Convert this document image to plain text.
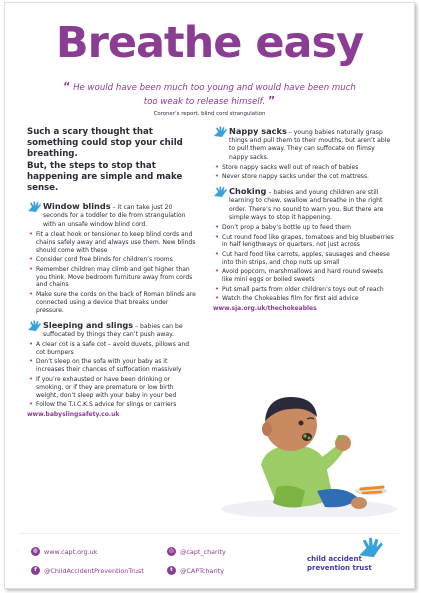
Breathe easy
“ He would have been much too young and would have been much too weak to release himself. ”
Coroner’s report, blind cord strangulation

Such a scary thought that something could stop your child breathing.
But, the steps to stop that happening are simple and make sense.

Window blinds – it can take just 20 seconds for a toddler to die from strangulation with an unsafe window blind cord.

• Fit a cleat hook or tensioner to keep blind cords and chains safely away and always use them. New blinds should come with these
• Consider cord free blinds for children’s rooms
• Remember children may climb and get higher than you think. Move bedroom furniture away from cords and chains
• Make sure the cords on the back of Roman blinds are connected using a device that breaks under pressure.

Sleeping and slings – babies can be suffocated by things they can’t push away.

• A clear cot is a safe cot – avoid duvets, pillows and cot bumpers
• Don’t sleep on the sofa with your baby as it increases their chances of suffocation massively
• If you’re exhausted or have been drinking or smoking, or if they are premature or low birth weight, don’t sleep with your baby in your bed
• Follow the T.I.C.K.S advice for slings or carriers
www.babyslingsafety.co.uk

Nappy sacks – young babies naturally grasp things and pull them to their mouths, but aren’t able to pull them away. They can suffocate on flimsy nappy sacks.

• Store nappy sacks well out of reach of babies
• Never store nappy sacks under the cot mattress.

Choking – babies and young children are still learning to chew, swallow and breathe in the right order. There’s no sound to warn you. But there are simple ways to stop it happening.

• Don’t prop a baby’s bottle up to feed them
• Cut round food like grapes, tomatoes and big blueberries in half lengthways or quarters, not just across
• Cut hard food like carrots, apples, sausages and cheese into thin strips, and chop nuts up small
• Avoid popcorn, marshmallows and hard round sweets like mini eggs or boiled sweets
• Put small parts from older children’s toys out of reach
• Watch the Chokeables film for first aid advice
www.sja.org.uk/thechokeables
◍ www.capt.org.uk	◎ @capt_charity
f	@ChildAccidentPreventionTrust	t	@CAPTcharity
child accident
prevention trust
